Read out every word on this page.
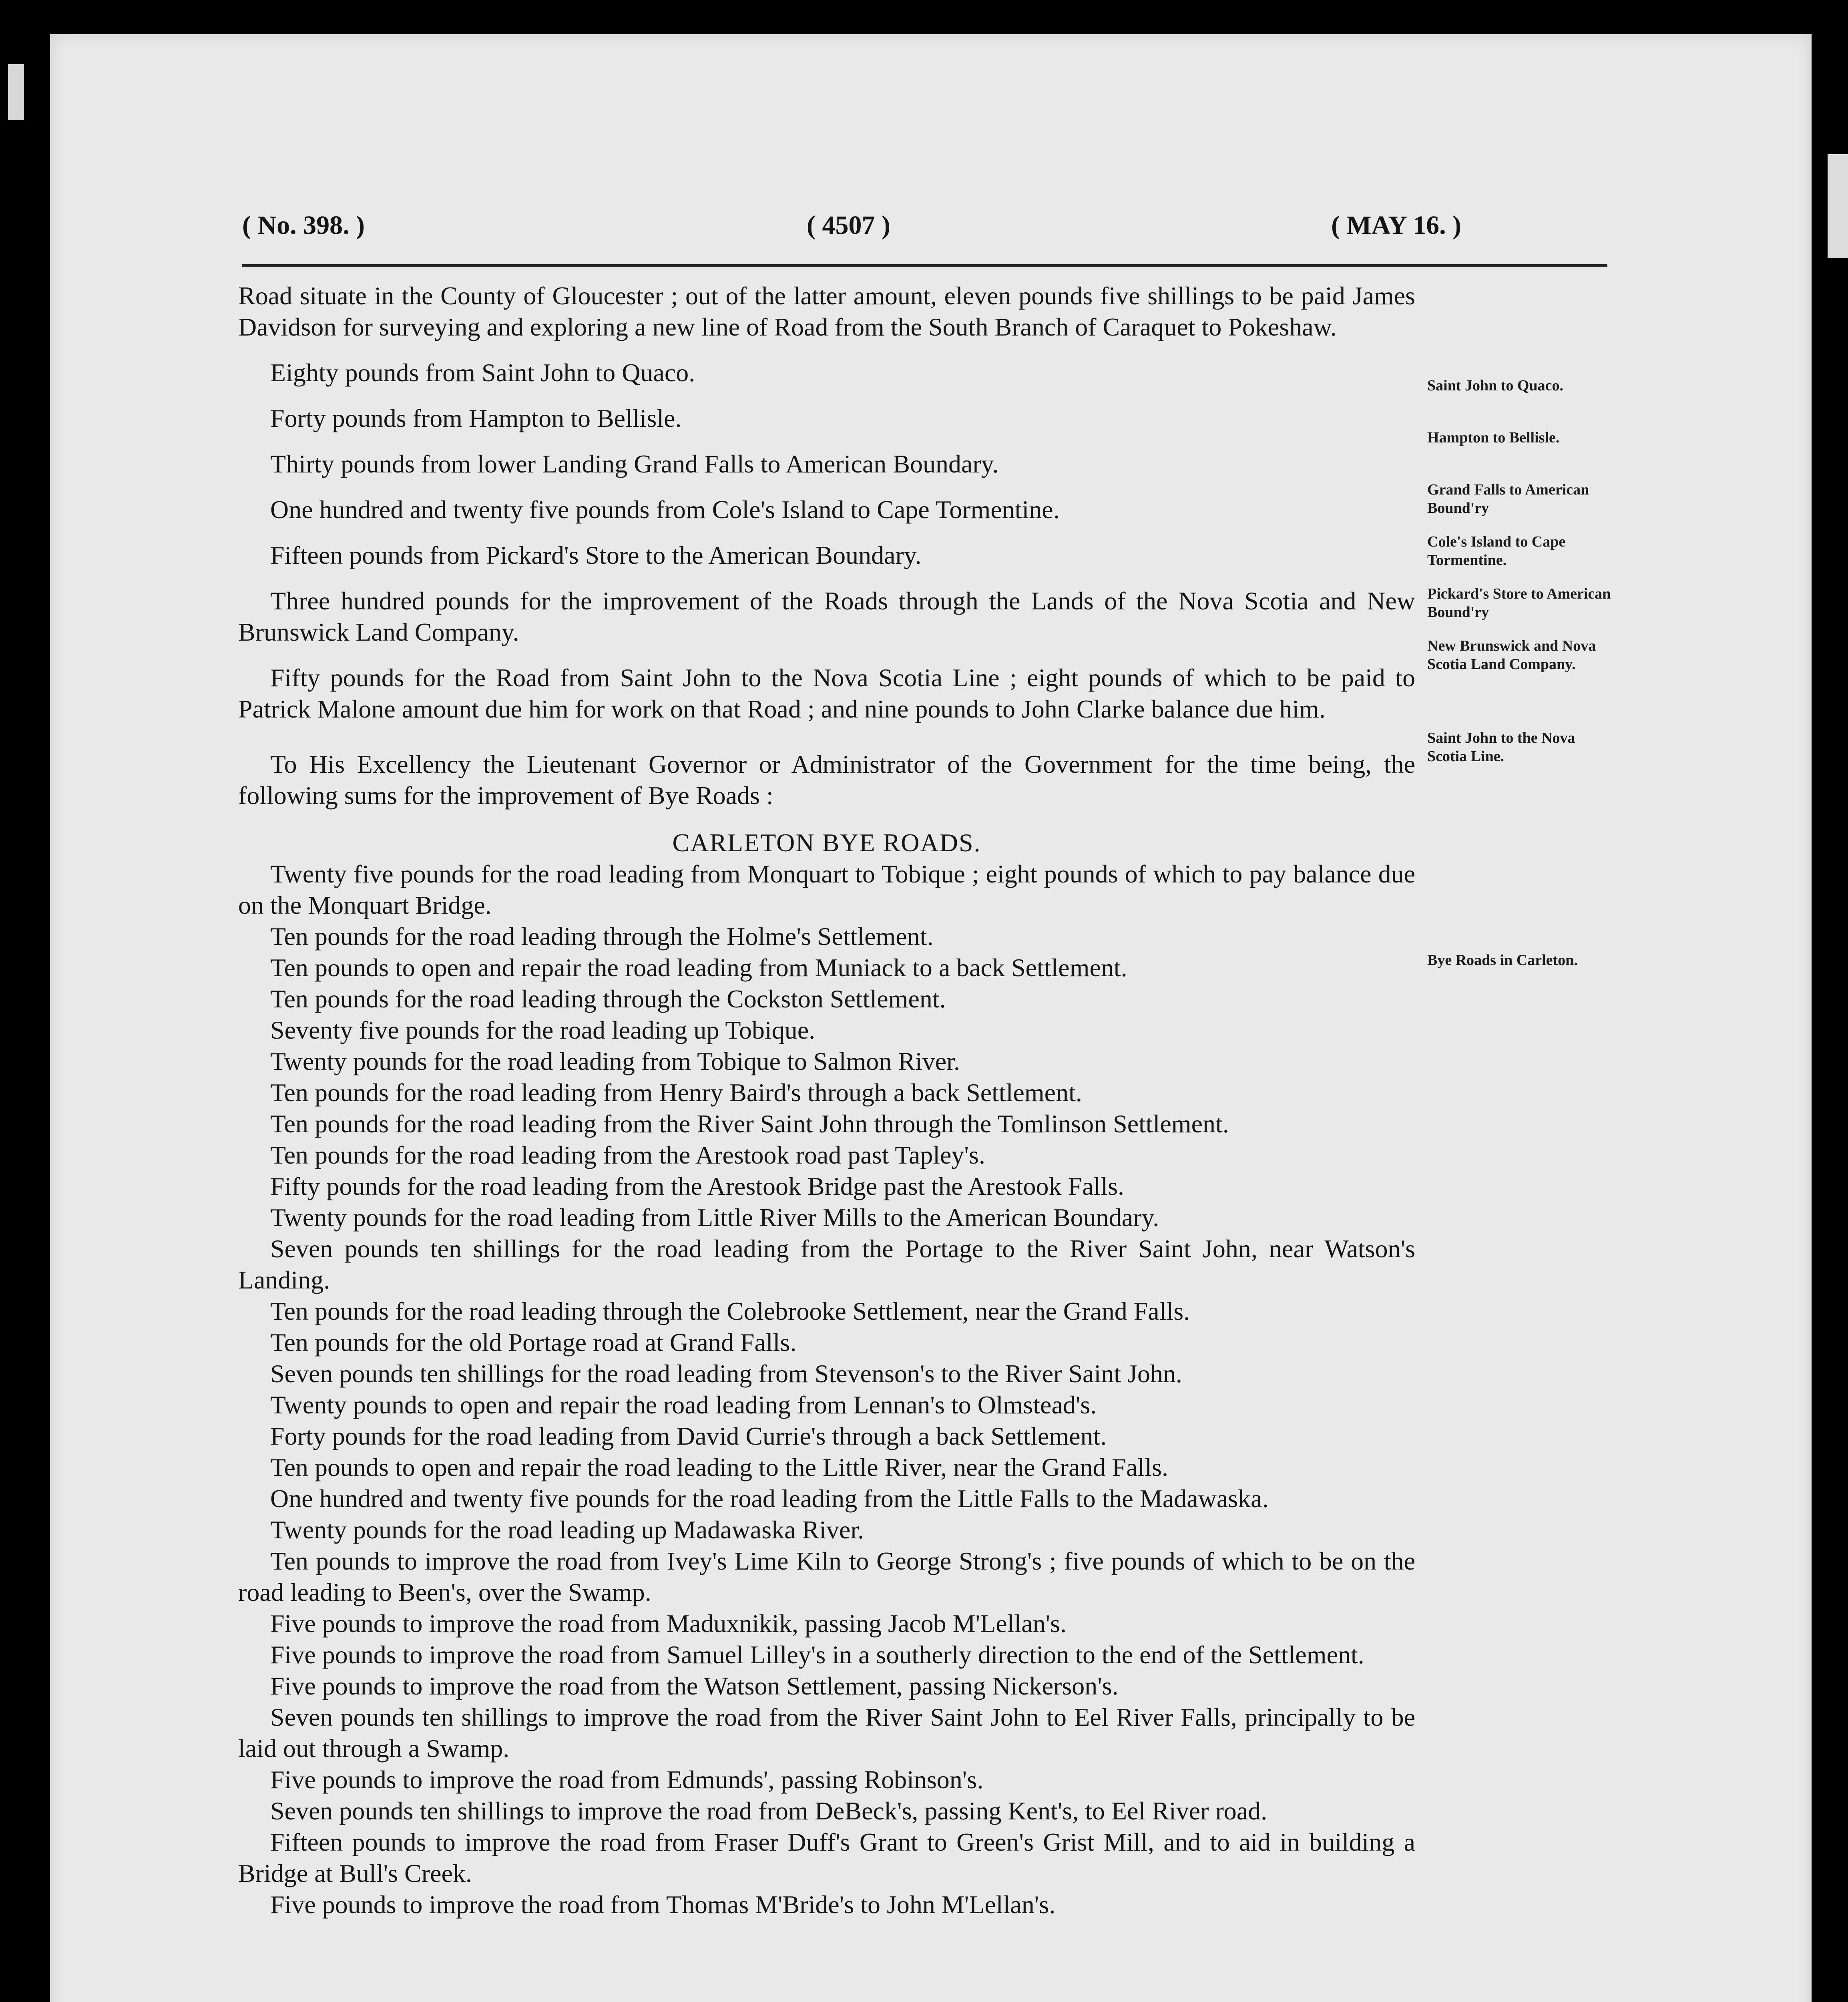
( No. 398. )	( 4507 )	( MAY 16. )

Road situate in the County of Gloucester ; out of the latter amount, eleven pounds five shillings to be paid James Davidson for surveying and exploring a new line of Road from the South Branch of Caraquet to Pokeshaw.

Eighty pounds from Saint John to Quaco.

Forty pounds from Hampton to Bellisle.

Thirty pounds from lower Landing Grand Falls to American Boundary.

One hundred and twenty five pounds from Cole's Island to Cape Tormentine.

Fifteen pounds from Pickard's Store to the American Boundary.

Three hundred pounds for the improvement of the Roads through the Lands of the Nova Scotia and New Brunswick Land Company.

Fifty pounds for the Road from Saint John to the Nova Scotia Line ; eight pounds of which to be paid to Patrick Malone amount due him for work on that Road ; and nine pounds to John Clarke balance due him.

To His Excellency the Lieutenant Governor or Administrator of the Government for the time being, the following sums for the improvement of Bye Roads :

CARLETON BYE ROADS.

Twenty five pounds for the road leading from Monquart to Tobique ; eight pounds of which to pay balance due on the Monquart Bridge.

Ten pounds for the road leading through the Holme's Settlement.

Ten pounds to open and repair the road leading from Muniack to a back Settlement.

Ten pounds for the road leading through the Cockston Settlement.

Seventy five pounds for the road leading up Tobique.

Twenty pounds for the road leading from Tobique to Salmon River.

Ten pounds for the road leading from Henry Baird's through a back Settlement.

Ten pounds for the road leading from the River Saint John through the Tomlinson Settlement.

Ten pounds for the road leading from the Arestook road past Tapley's.

Fifty pounds for the road leading from the Arestook Bridge past the Arestook Falls.

Twenty pounds for the road leading from Little River Mills to the American Boundary.

Seven pounds ten shillings for the road leading from the Portage to the River Saint John, near Watson's Landing.

Ten pounds for the road leading through the Colebrooke Settlement, near the Grand Falls.

Ten pounds for the old Portage road at Grand Falls.

Seven pounds ten shillings for the road leading from Stevenson's to the River Saint John.

Twenty pounds to open and repair the road leading from Lennan's to Olmstead's.

Forty pounds for the road leading from David Currie's through a back Settlement.

Ten pounds to open and repair the road leading to the Little River, near the Grand Falls.

One hundred and twenty five pounds for the road leading from the Little Falls to the Madawaska.

Twenty pounds for the road leading up Madawaska River.

Ten pounds to improve the road from Ivey's Lime Kiln to George Strong's ; five pounds of which to be on the road leading to Been's, over the Swamp.

Five pounds to improve the road from Maduxnikik, passing Jacob M'Lellan's.

Five pounds to improve the road from Samuel Lilley's in a southerly direction to the end of the Settlement.

Five pounds to improve the road from the Watson Settlement, passing Nickerson's.

Seven pounds ten shillings to improve the road from the River Saint John to Eel River Falls, principally to be laid out through a Swamp.

Five pounds to improve the road from Edmunds', passing Robinson's.

Seven pounds ten shillings to improve the road from DeBeck's, passing Kent's, to Eel River road.

Fifteen pounds to improve the road from Fraser Duff's Grant to Green's Grist Mill, and to aid in building a Bridge at Bull's Creek.

Five pounds to improve the road from Thomas M'Bride's to John M'Lellan's.

Saint John to Quaco.
Hampton to Bellisle.
Grand Falls to American Bound'ry
Cole's Island to Cape Tormentine.
Pickard's Store to American Bound'ry
New Brunswick and Nova Scotia Land Company.
Saint John to the Nova Scotia Line.
Bye Roads in Carleton.
